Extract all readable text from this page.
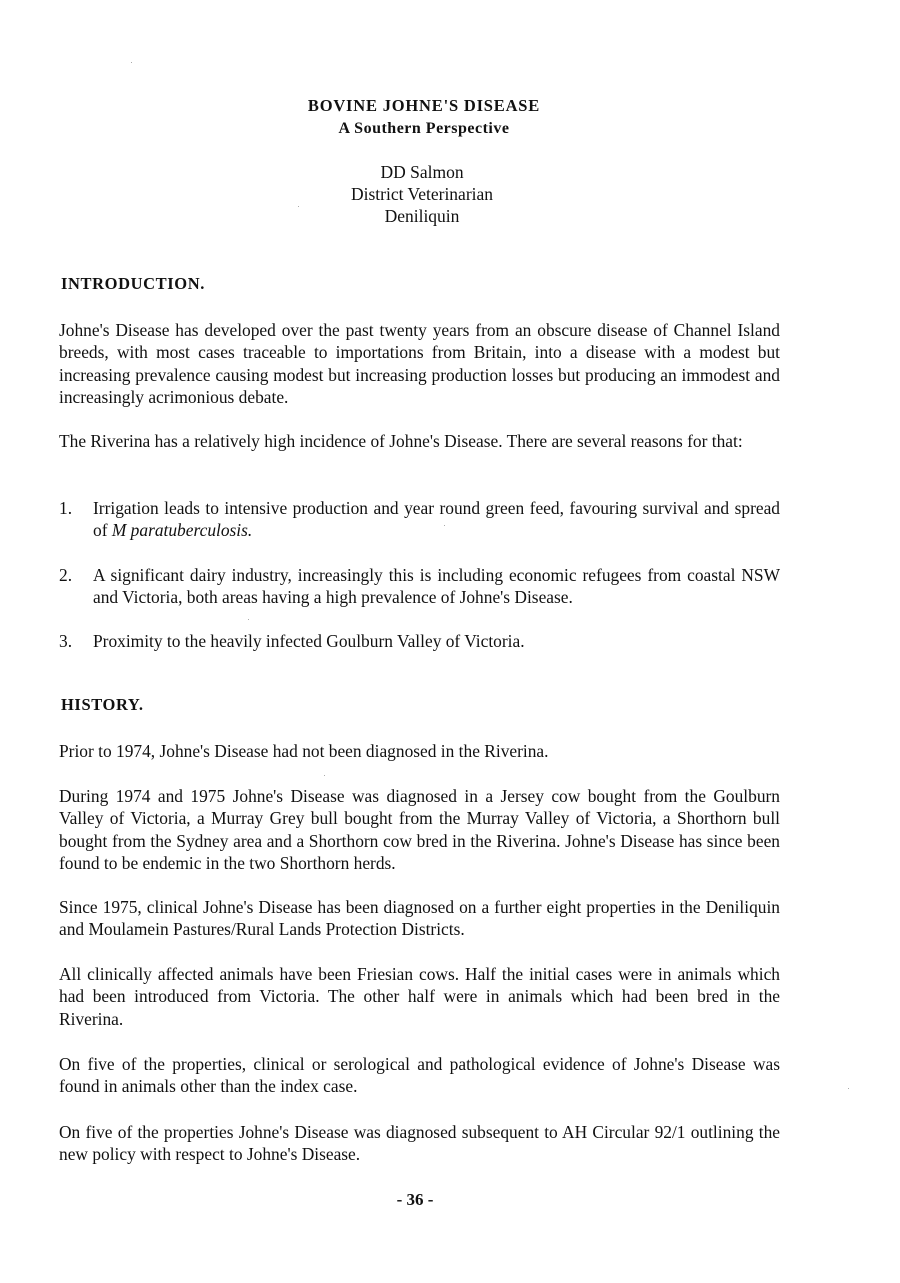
BOVINE JOHNE'S DISEASE
A Southern Perspective
DD Salmon
District Veterinarian
Deniliquin
INTRODUCTION.

Johne's Disease has developed over the past twenty years from an obscure disease of Channel Island breeds, with most cases traceable to importations from Britain, into a disease with a modest but increasing prevalence causing modest but increasing production losses but producing an immodest and increasingly acrimonious debate.

The Riverina has a relatively high incidence of Johne's Disease. There are several reasons for that:

1. Irrigation leads to intensive production and year round green feed, favouring survival and spread of M paratuberculosis.
2. A significant dairy industry, increasingly this is including economic refugees from coastal NSW and Victoria, both areas having a high prevalence of Johne's Disease.
3. Proximity to the heavily infected Goulburn Valley of Victoria.
HISTORY.

Prior to 1974, Johne's Disease had not been diagnosed in the Riverina.

During 1974 and 1975 Johne's Disease was diagnosed in a Jersey cow bought from the Goulburn Valley of Victoria, a Murray Grey bull bought from the Murray Valley of Victoria, a Shorthorn bull bought from the Sydney area and a Shorthorn cow bred in the Riverina. Johne's Disease has since been found to be endemic in the two Shorthorn herds.

Since 1975, clinical Johne's Disease has been diagnosed on a further eight properties in the Deniliquin and Moulamein Pastures/Rural Lands Protection Districts.

All clinically affected animals have been Friesian cows. Half the initial cases were in animals which had been introduced from Victoria. The other half were in animals which had been bred in the Riverina.

On five of the properties, clinical or serological and pathological evidence of Johne's Disease was found in animals other than the index case.

On five of the properties Johne's Disease was diagnosed subsequent to AH Circular 92/1 outlining the new policy with respect to Johne's Disease.

- 36 -
